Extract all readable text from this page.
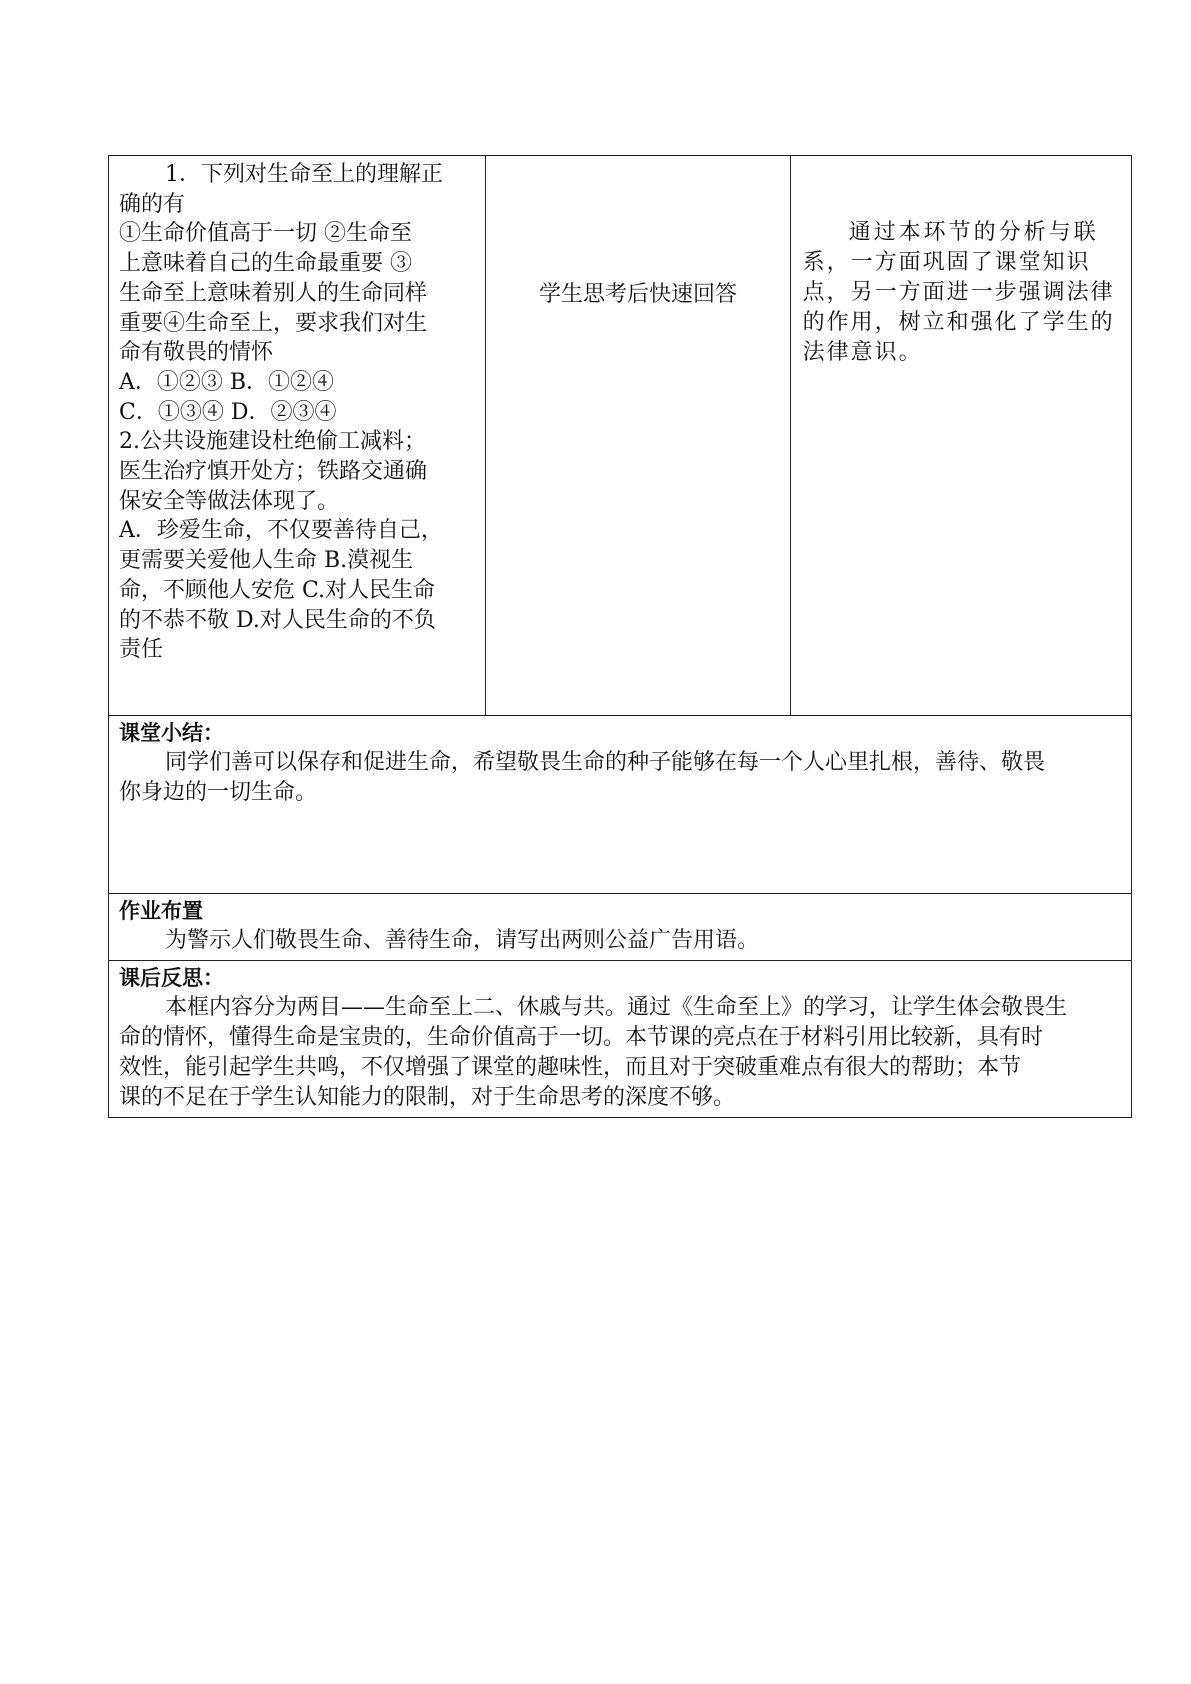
1．下列对生命至上的理解正
确的有
①生命价值高于一切 ②生命至
上意味着自己的生命最重要 ③
生命至上意味着别人的生命同样
重要④生命至上，要求我们对生
命有敬畏的情怀
A．①②③ B．①②④
C．①③④ D．②③④
2.公共设施建设杜绝偷工减料；
医生治疗慎开处方；铁路交通确
保安全等做法体现了。
A．珍爱生命，不仅要善待自己，
更需要关爱他人生命 B.漠视生
命，不顾他人安危 C.对人民生命
的不恭不敬 D.对人民生命的不负
责任

学生思考后快速回答

通过本环节的分析与联
系，一方面巩固了课堂知识
点，另一方面进一步强调法律
的作用，树立和强化了学生的
法律意识。

课堂小结：
同学们善可以保存和促进生命，希望敬畏生命的种子能够在每一个人心里扎根，善待、敬畏
你身边的一切生命。

作业布置
为警示人们敬畏生命、善待生命，请写出两则公益广告用语。

课后反思：
本框内容分为两目——生命至上二、休戚与共。通过《生命至上》的学习，让学生体会敬畏生
命的情怀，懂得生命是宝贵的，生命价值高于一切。本节课的亮点在于材料引用比较新，具有时
效性，能引起学生共鸣，不仅增强了课堂的趣味性，而且对于突破重难点有很大的帮助；本节
课的不足在于学生认知能力的限制，对于生命思考的深度不够。
